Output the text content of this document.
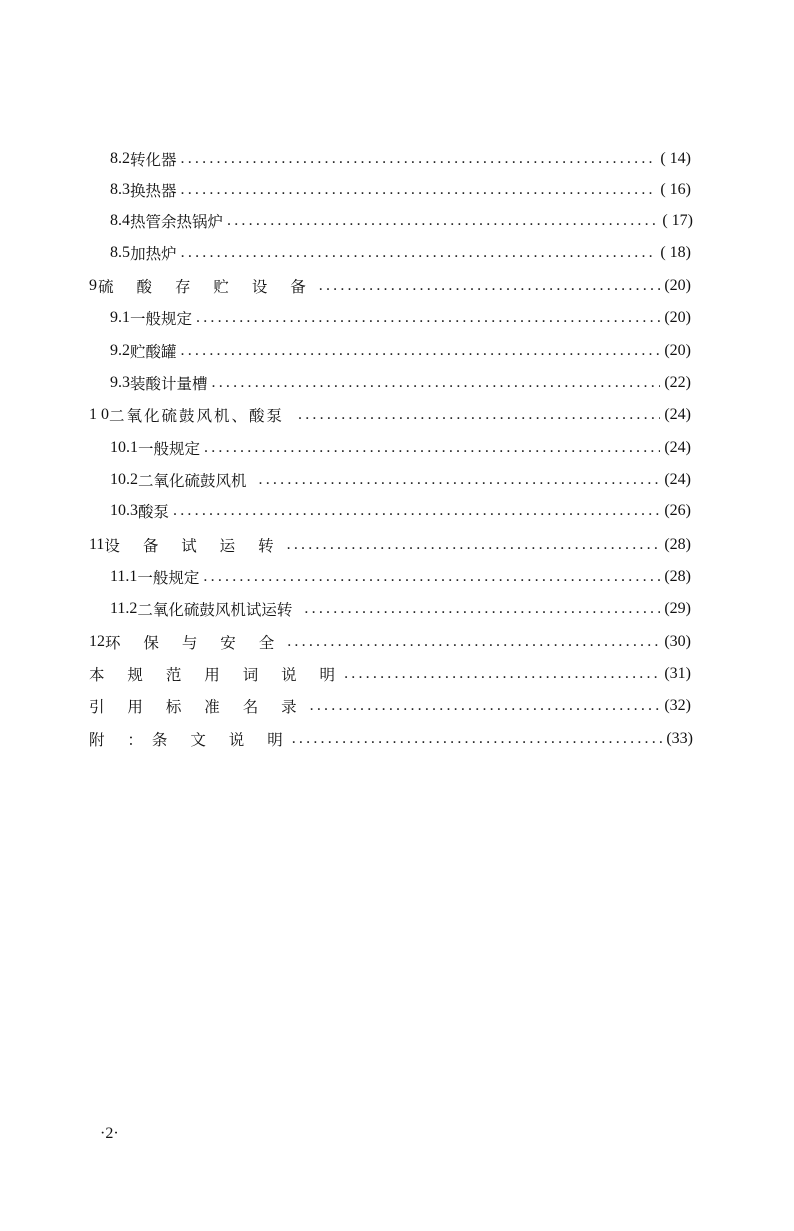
8.2 转化器 .....	( 14)
8.3 换热器 .....	( 16)
8.4 热管余热锅炉 .....	( 17)
8.5 加热炉 .....	( 18)
9 硫 酸 存 贮 设 备 .....	(20)
9.1 一般规定 .....	(20)
9.2 贮酸罐 .....	(20)
9.3 装酸计量槽 .....	(22)
1 0 二氧化硫鼓风机、酸泵 .....	(24)
10.1 一般规定 .....	(24)
10.2 二氧化硫鼓风机 .....	(24)
10.3 酸泵 .....	(26)
11 设 备 试 运 转 .....	(28)
11.1 一般规定 .....	(28)
11.2 二氧化硫鼓风机试运转 .....	(29)
12 环 保 与 安 全 .....	(30)
本 规 范 用 词 说 明 .....	(31)
引 用 标 准 名 录 .....	(32)
附 ：条 文 说 明 .....	(33)
·2·
